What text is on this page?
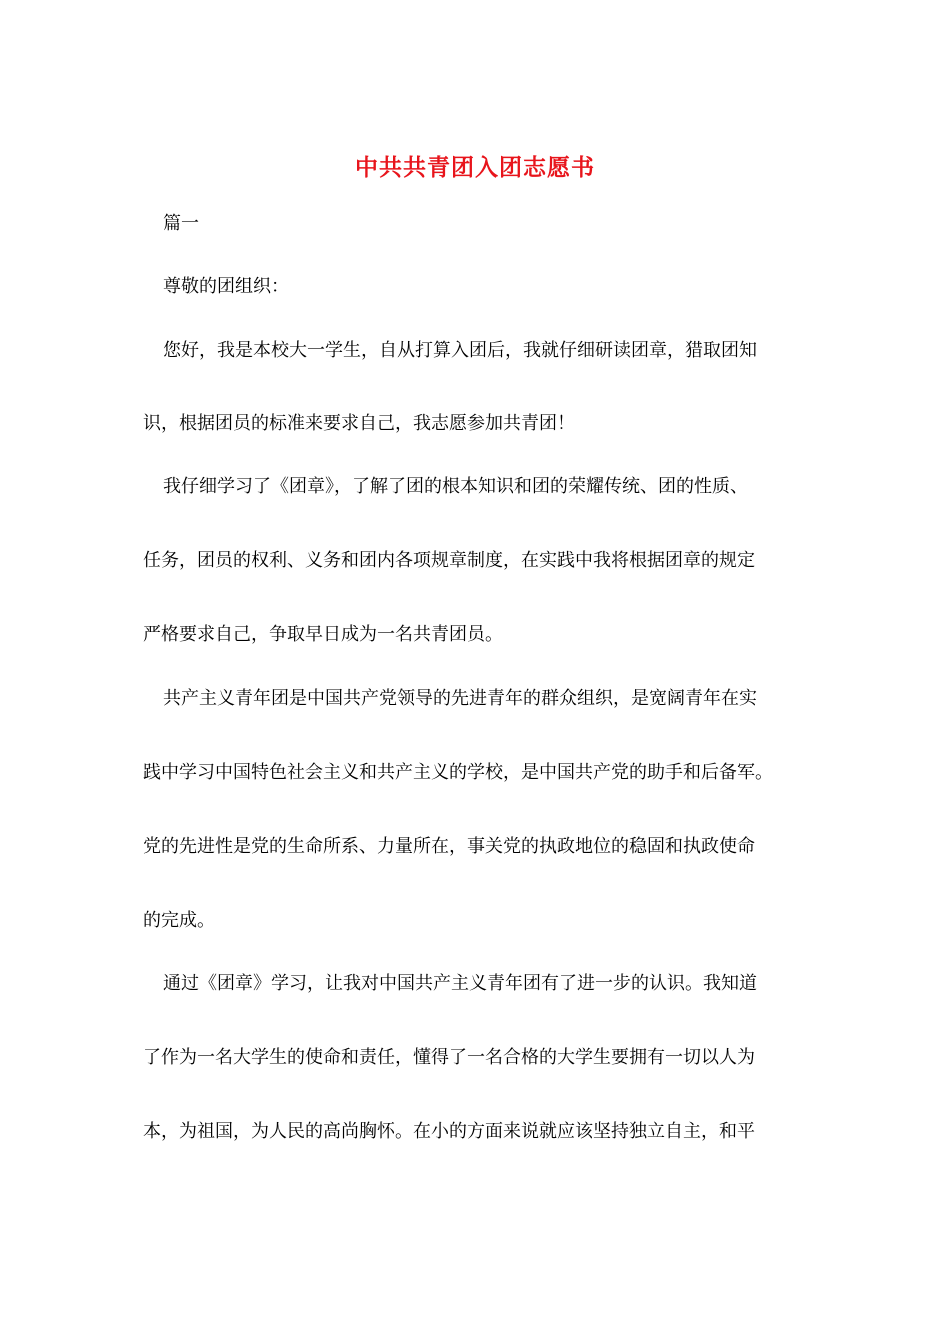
中共共青团入团志愿书

篇一

尊敬的团组织：

您好，我是本校大一学生，自从打算入团后，我就仔细研读团章，猎取团知

识，根据团员的标准来要求自己，我志愿参加共青团！

我仔细学习了《团章》，了解了团的根本知识和团的荣耀传统、团的性质、

任务，团员的权利、义务和团内各项规章制度，在实践中我将根据团章的规定

严格要求自己，争取早日成为一名共青团员。

共产主义青年团是中国共产党领导的先进青年的群众组织，是宽阔青年在实

践中学习中国特色社会主义和共产主义的学校，是中国共产党的助手和后备军。

党的先进性是党的生命所系、力量所在，事关党的执政地位的稳固和执政使命

的完成。

通过《团章》学习，让我对中国共产主义青年团有了进一步的认识。我知道

了作为一名大学生的使命和责任，懂得了一名合格的大学生要拥有一切以人为

本，为祖国，为人民的高尚胸怀。在小的方面来说就应该坚持独立自主，和平
